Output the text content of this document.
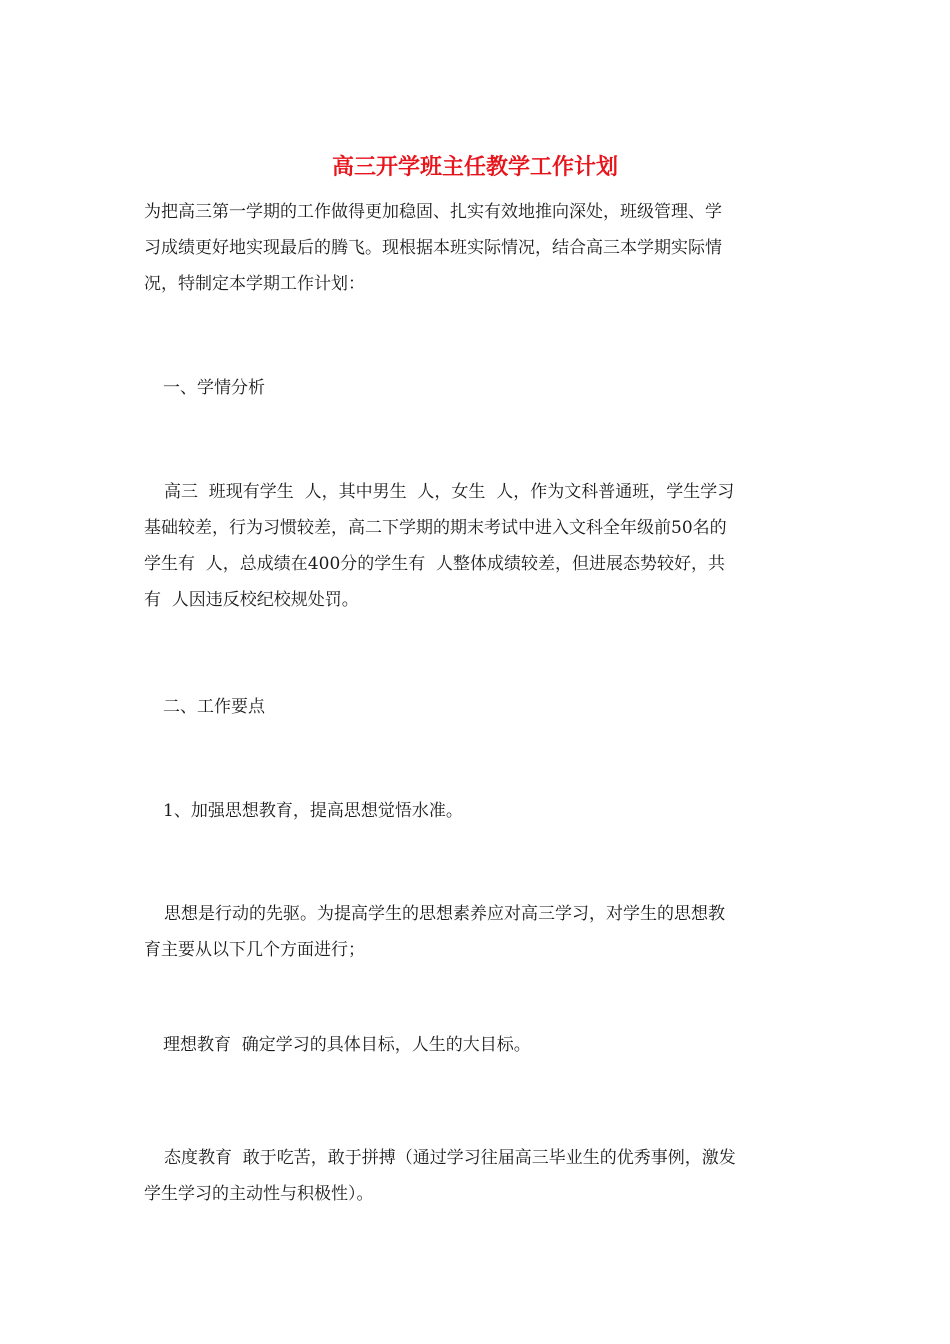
高三开学班主任教学工作计划

为把高三第一学期的工作做得更加稳固、扎实有效地推向深处，班级管理、学
习成绩更好地实现最后的腾飞。现根据本班实际情况，结合高三本学期实际情
况，特制定本学期工作计划：

一、学情分析

高三  班现有学生  人，其中男生  人，女生  人，作为文科普通班，学生学习
基础较差，行为习惯较差，高二下学期的期末考试中进入文科全年级前50名的
学生有  人，总成绩在400分的学生有  人整体成绩较差，但进展态势较好，共
有  人因违反校纪校规处罚。

二、工作要点

1、加强思想教育，提高思想觉悟水准。

思想是行动的先驱。为提高学生的思想素养应对高三学习，对学生的思想教
育主要从以下几个方面进行；

理想教育  确定学习的具体目标，人生的大目标。

态度教育  敢于吃苦，敢于拼搏（通过学习往届高三毕业生的优秀事例，激发
学生学习的主动性与积极性）。
